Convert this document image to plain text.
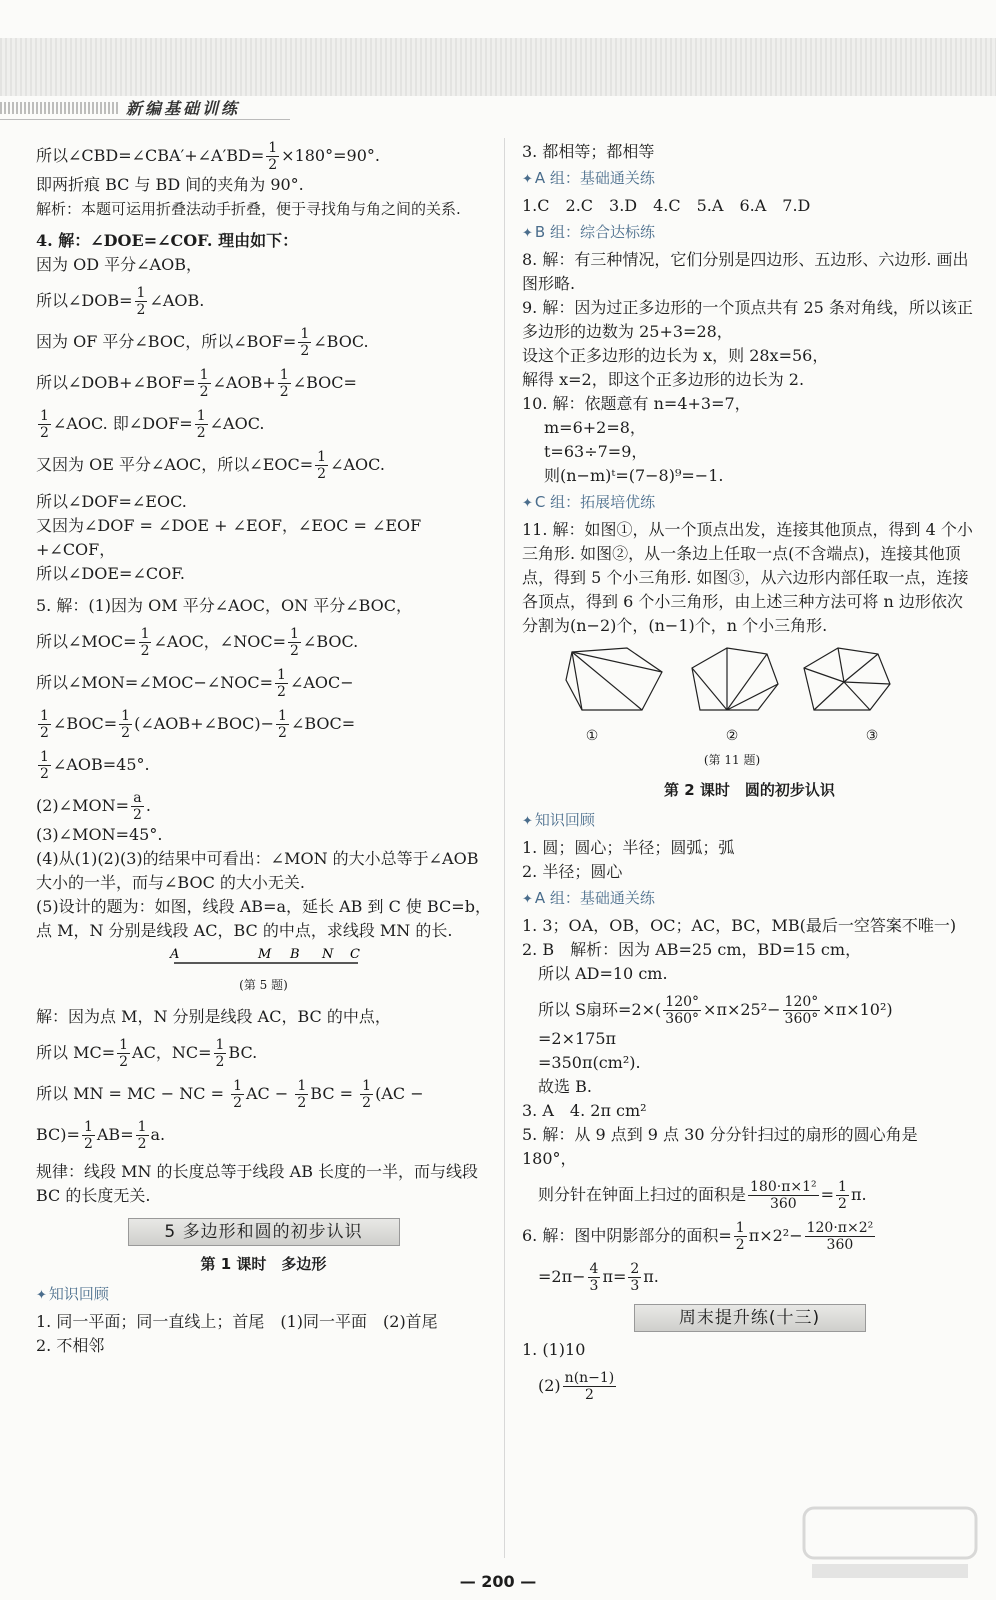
新编基础训练
所以∠CBD=∠CBA′+∠A′BD= $\frac{1}{2} \times 180^\circ=90^\circ$.
即两折痕 BC 与 BD 间的夹角为 90°.
解析：本题可运用折叠法动手折叠，便于寻找角与角之间的关系.
4. 解：∠DOE=∠COF. 理由如下：
因为 OD 平分∠AOB，
所以∠DOB= $\frac{1}{2}$ ∠AOB.
因为 OF 平分∠BOC，所以∠BOF= $\frac{1}{2}$ ∠BOC.
所以∠DOB+∠BOF= $\frac{1}{2}$ ∠AOB+ $\frac{1}{2}$ ∠BOC=
$\frac{1}{2}$ ∠AOC. 即∠DOF= $\frac{1}{2}$ ∠AOC.
又因为 OE 平分∠AOC，所以∠EOC= $\frac{1}{2}$ ∠AOC.
所以∠DOF=∠EOC.
又因为∠DOF = ∠DOE + ∠EOF，∠EOC = ∠EOF +∠COF，
所以∠DOE=∠COF.
5. 解：(1)因为 OM 平分∠AOC，ON 平分∠BOC，
所以∠MOC= $\frac{1}{2}$ ∠AOC，∠NOC= $\frac{1}{2}$ ∠BOC.
所以∠MON=∠MOC−∠NOC= $\frac{1}{2}$ ∠AOC−
$\frac{1}{2}$ ∠BOC= $\frac{1}{2}$ (∠AOB+∠BOC)− $\frac{1}{2}$ ∠BOC=
$\frac{1}{2}$ ∠AOB=45°.
(2)∠MON= $\frac{a}{2}$ .
(3)∠MON=45°.
(4)从(1)(2)(3)的结果中可看出：∠MON 的大小总等于∠AOB 大小的一半，而与∠BOC 的大小无关.
(5)设计的题为：如图，线段 AB=a，延长 AB 到 C 使 BC=b，点 M，N 分别是线段 AC，BC 的中点，求线段 MN 的长.
A	M B N C
(第 5 题)
解：因为点 M，N 分别是线段 AC，BC 的中点，
所以 $MC= \frac{1}{2}$ AC，$NC= \frac{1}{2}$ BC.
所以 MN = MC − NC = $\frac{1}{2}$ AC − $\frac{1}{2}$ BC = $\frac{1}{2} (AC$ −
$BC)= \frac{1}{2} AB= \frac{1}{2} a$.
规律：线段 MN 的长度总等于线段 AB 长度的一半，而与线段 BC 的长度无关.
5 多边形和圆的初步认识
第 1 课时　多边形
✦ 知识回顾
1. 同一平面；同一直线上；首尾　(1)同一平面　(2)首尾
2. 不相邻
3. 都相等；都相等
✦ A 组：基础通关练
1.C　2.C　3.D　4.C　5.A　6.A　7.D
✦ B 组：综合达标练
8. 解：有三种情况，它们分别是四边形、五边形、六边形. 画出图形略.
9. 解：因为过正多边形的一个顶点共有 25 条对角线，所以该正多边形的边数为 25+3=28，
设这个正多边形的边长为 x，则 28x=56，
解得 x=2，即这个正多边形的边长为 2.
10. 解：依题意有 n=4+3=7，
m=6+2=8，
t=63÷7=9，
则(n−m)ᵗ=(7−8)⁹=−1.
✦ C 组：拓展培优练
11. 解：如图①，从一个顶点出发，连接其他顶点，得到 4 个小三角形. 如图②，从一条边上任取一点(不含端点)，连接其他顶点，得到 5 个小三角形. 如图③，从六边形内部任取一点，连接各顶点，得到 6 个小三角形，由上述三种方法可将 n 边形依次分割为(n−2)个，(n−1)个，n 个小三角形.
①	②	③
(第 11 题)
第 2 课时　圆的初步认识
✦ 知识回顾
1. 圆；圆心；半径；圆弧；弧
2. 半径；圆心
✦ A 组：基础通关练
1. 3；OA，OB，OC；AC，BC，MB(最后一空答案不唯一)
2. B　解析：因为 AB=25 cm，BD=15 cm，
所以 AD=10 cm.
所以 S扇环$=2\times( \frac{120^\circ}{360^\circ} \times\pi\times 25^2- \frac{120^\circ}{360^\circ} \times\pi\times 10^2)$
=2×175π
=350π(cm²).
故选 B.
3. A　4. 2π cm²
5. 解：从 9 点到 9 点 30 分分针扫过的扇形的圆心角是 180°，
则分针在钟面上扫过的面积是 $\frac{\text{180·π×1²}}{360} = \frac{1}{2} \pi$.
6. 解：图中阴影部分的面积= $\frac{1}{2} \pi\times 2^2- \frac{\text{120·π×2²}}{360}$
$=2\pi- \frac{4}{3} \pi= \frac{2}{3} \pi$.
周末提升练(十三)
1. (1)10
$(2) \frac{n(n-1)}{2}$
— 200 —
